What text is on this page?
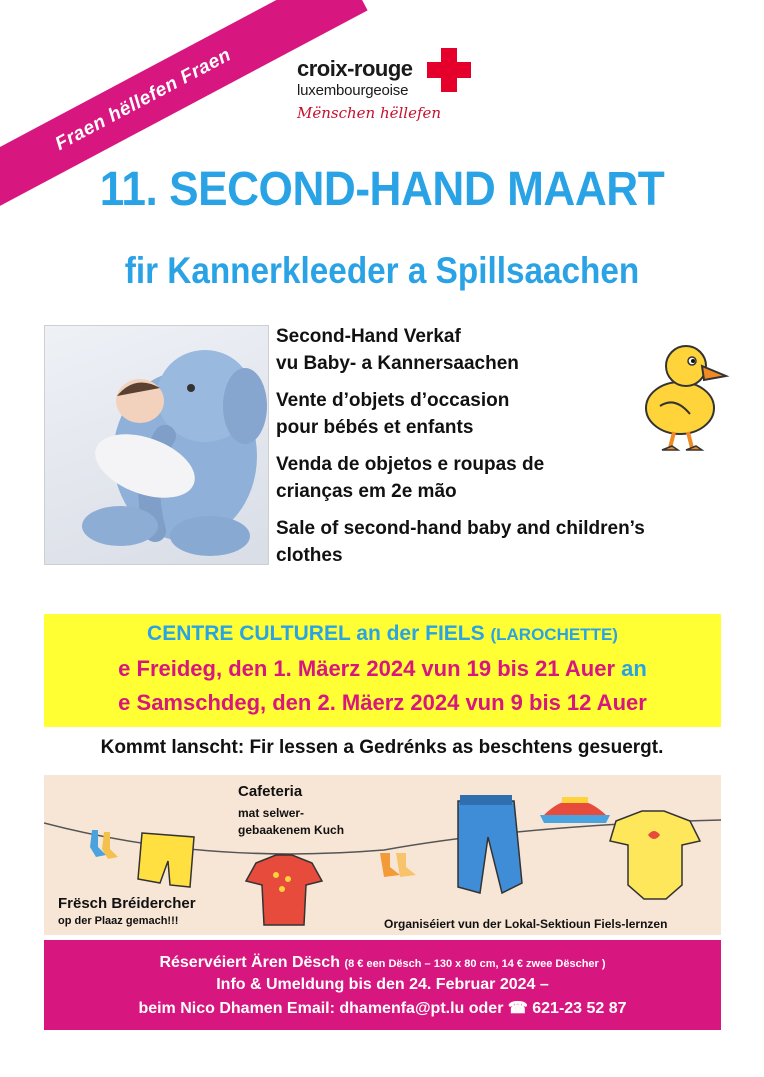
Fraen hëllefen Fraen	croix-rouge
luxembourgeoise
Mënschen hëllefen
11. SECOND-HAND MAART
fir Kannerkleeder a Spillsaachen

Second-Hand Verkaf
vu Baby- a Kannersaachen

Vente d’objets d’occasion
pour bébés et enfants

Venda de objetos e roupas de
crianças em 2e mão

Sale of second-hand baby and children’s
clothes

CENTRE CULTUREL an der FIELS (LAROCHETTE)
e Freideg, den 1. Mäerz 2024 vun 19 bis 21 Auer an
e Samschdeg, den 2. Mäerz 2024 vun 9 bis 12 Auer
Kommt lanscht: Fir lessen a Gedrénks as beschtens gesuergt.
Cafeteria
mat selwer-
gebaakenem Kuch
Frësch Bréidercher
op der Plaaz gemach!!!	Organiséiert vun der Lokal-Sektioun Fiels-lernzen
Réservéiert Ären Dësch (8 € een Dësch – 130 x 80 cm, 14 € zwee Dëscher )
Info & Umeldung bis den 24. Februar 2024 –
beim Nico Dhamen Email: dhamenfa@pt.lu oder ☎ 621-23 52 87
